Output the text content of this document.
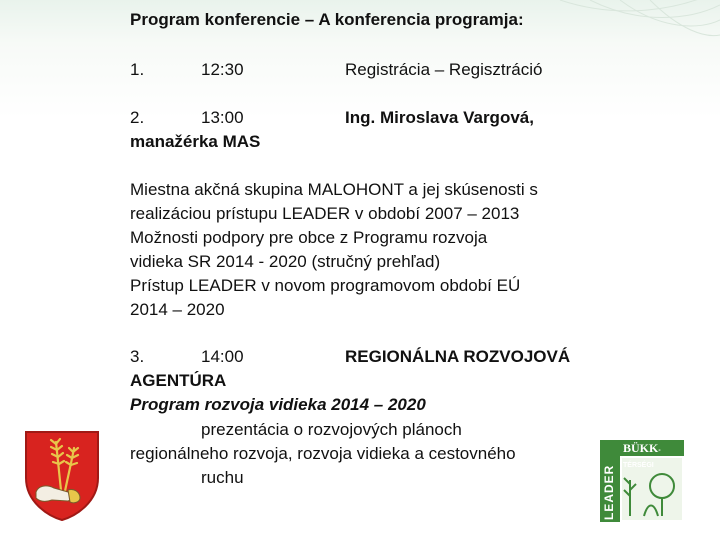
Program konferencie – A konferencia programja:
1.	12:30	Registrácia – Regisztráció
2.	13:00	Ing. Miroslava Vargová,
manažérka MAS
Miestna akčná skupina MALOHONT a jej skúsenosti s
realizáciou prístupu LEADER v období 2007 – 2013
Možnosti podpory pre obce z Programu rozvoja
vidieka SR 2014 - 2020 (stručný prehľad)
Prístup LEADER v novom programovom období EÚ
2014 – 2020
3.	14:00	REGIONÁLNA ROZVOJOVÁ
AGENTÚRA
Program rozvoja vidieka 2014 – 2020
prezentácia o rozvojových plánoch
regionálneho rozvoja, rozvoja vidieka a cestovného
ruchu	LEADER
BÜKK-TÉRSÉGI
